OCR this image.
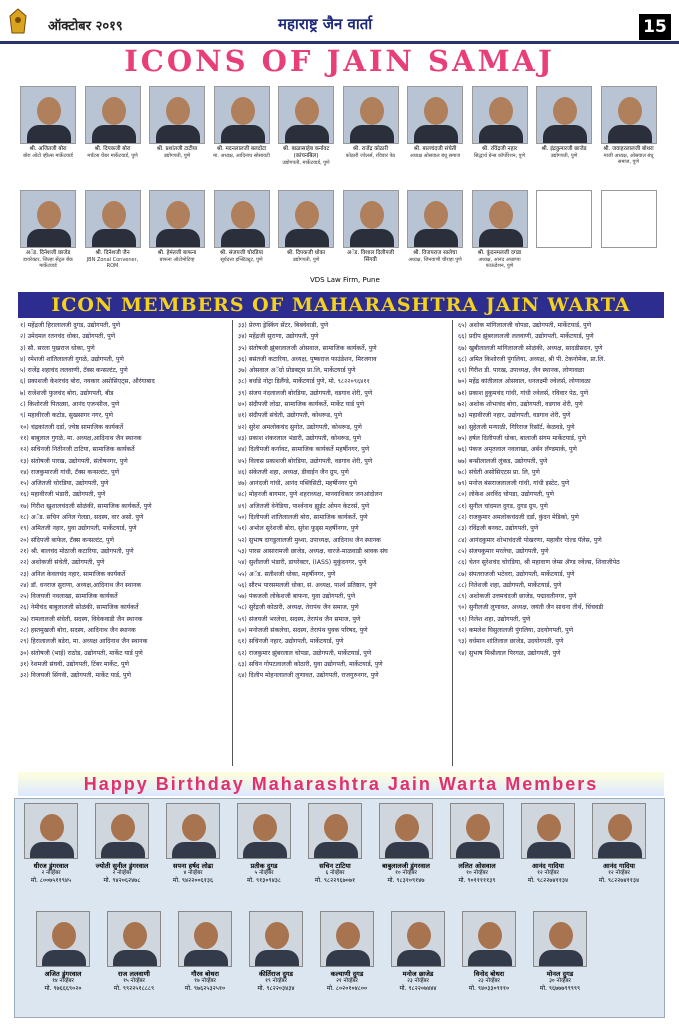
ऑक्टोबर २०१९	महाराष्ट्र जैन वार्ता	15
ICONS OF JAIN SAMAJ
श्री. अजितजी बोरा
बोरा ओटो व्हील्स मार्केटयार्ड
श्री. दिपकजी बोरा
मर्चंटस चेंबर मार्केटयार्ड, पुणे
श्री. प्रशांतजी टाटीया
उद्योगपती, पुणे
श्री. मदनलालजी बलदोटा
मा. अध्यक्ष, आदिनाथ सोसायटी
श्री. बाळासाहेब कर्नावट (कांचनबिल)
उद्योगपती, मार्केटयार्ड, पुणे
श्री. राजेंद्र कोठारी
कोठारी ज्वेलर्स, रविवार पेठ
श्री. बालचंदजी संचेती
अध्यक्ष ओसवाल बंधू समाज
श्री. रविंद्रजी नहार
सिद्धार्थ ग्रेन्स कॉर्पोरेशन, पुणे
श्री. इंद्रकुमारजी छाजेड
उद्योगपती, पुणे
श्री. जवाहरलालजी बोथरा
माजी अध्यक्ष, ओसवाल बंधू समाज, पुणे
अॅड. दिनेशजी छाजेड
डायरेक्टर, जिल्हा सेंट्रल बँक मार्केटयार्ड
श्री. दिनेशजी जैन
JBN Zonal Convener, ROM
श्री. हेमंतजी बाफना
बाफना ऑटोमोटिव्ह
श्री. संजयजी चोरडिया
सूर्यदत्ता इन्स्टिट्यूट, पुणे
श्री. दिपकजी धोका
उद्योगपती, पुणे
अॅड. विशाल दिलीपजी सिंगवी
श्री. विजयराज सालेचा
अध्यक्ष, जिनवाणी चौराहा पुणे
श्री. कुंदनमलजी दगडा
अध्यक्ष, आनंद अच्छप्पा फाऊंडेशन, पुणे
VDS Law Firm, Pune
ICON MEMBERS OF MAHARASHTRA JAIN WARTA
१) महेंद्रजी हिरालालजी दुगड, उद्योगपती, पुणे
२) उमेदमल रतनचंद धोका, उद्योगपती, पुणे
३) सौ. सरला पुखराज धोका, पुणे
४) रमेशजी शांतिलालजी गुगळे, उद्योगपती, पुणे
५) राजेंद्र शहाचंद ललवाणी, टॅक्स कन्सल्टंट, पुणे
६) प्रकाशजी केशरचंद बोरा, नवकार असोसिएट्स, औरंगाबाद
७) राजेशजी फुलचंद बोरा, उद्योगपती, बीड
८) किशोरजी पितळ्या, आनंद एजन्सीज, पुणे
९) महावीरजी कटोड, सुखसागर नगर, पुणे
१०) चंद्रकांतजी दर्डा, ज्येष्ठ सामाजिक कार्यकर्ते
११) बाबुलाल गुगळे, मा. अध्यक्ष,आदिनाथ जैन स्थानक
१२) सचिनजी नितीनजी टाटिया, सामाजिक कार्यकर्ते
१३) संतोषजी पारख, उद्योगपती, संतोषनगर, पुणे
१४) राजकुमारजी गांधी, टॅक्स कन्सल्टंट, पुणे
१५) अजितजी चोरडिया, उद्योगपती, पुणे
१६) महावीरजी भंडारी, उद्योगपती, पुणे
१७) गिरीश खुशालचंदजी सोळंकी, सामाजिक कार्यकर्ते, पुणे
१८) अॅड. सचिन अनिल गेलडा, सदस्य, वार असो. पुणे
१९) अमितजी नहार, युवा उद्योगपती, मार्केटयार्ड, पुणे
२०) संदिपजी बाफेल, टॅक्स कन्सल्टंट, पुणे
२१) श्री. बालचंद मोठाजी कटारिया, उद्योगपती, पुणे
२२) अशोकजी संचेती, उद्योगपती, पुणे
२३) अनिल केवलचंद नहार, सामाजिक कार्यकर्ते
२४) डॉ. धनराज सुराणा, अध्यक्ष,आदिनाथ जैन स्थानक
२५) विजयजी नवलाखा, सामाजिक कार्यकर्ते
२६) नेमीचंद बाबुलालजी सोळंकी, सामाजिक कार्यकर्ते
२७) रामलालजी संचेती, सदस्य, विवेकवाडी जैन स्थानक
२८) हस्तमुखजी बोरा, सदस्य, आदिनाथ जैन स्थानक
२९) हिरालालजी बडेरा, मा. अध्यक्ष आदिनाथ जैन स्थानक
३०) संतोषजी (भाई) राठोड, उद्योगपती, मार्केट यार्ड पुणे
३१) रेशमजी संघवी, उद्योगपती, टिंबर मार्केट, पुणे
३२) विजयजी सिंगवी, उद्योगपती, मार्केट यार्ड, पुणे
३३) प्रेरणा ड्रेस्किंग सेंटर, बिबवेवाडी, पुणे
३४) महेंद्रजी सुराणा, उद्योगपती, पुणे
३५) संतोषजी झुंबरलालजी ओसवाल, सामाजिक कार्यकर्ते, पुणे
३६) बसंतजी कटारिया, अध्यक्ष, पुष्कराज फाउंडेशन, मिरजगाव
३७) ओसवाल अॅग्रो प्रोडक्ट्स प्रा.लि, मार्केटयार्ड पुणे
३८) बर्धाडे नोट्रा डिलैंग्डे, मार्केटयार्ड पुणे, मो. ९८२२०९६४११
३९) संजय नंदलालजी बोरडिया, उद्योगपती, वडगाव शेरी, पुणे
४०) संदीपजी लोढा, सामाजिक कार्यकर्ते, मार्केट यार्ड पुणे
४१) संदीपजी संचेती, उद्योगपती, कोथरूड, पुणे
४२) सुरेश अमलोकचंद सुनोत, उद्योगपती, कोथरूड, पुणे
४३) प्रकाश शंकरलाल भंडारी, उद्योगपती, कोथरूड, पुणे
४४) दिलीपजी कर्नावट, सामाजिक कार्यकर्ते महर्षीनगर, पुणे
४५) विलास प्रकाशजी बोरडिया, उद्योगपती, वडगाव शेरी, पुणे
४६) संकेतजी शहा, अध्यक्ष, डीवाईन जैन ग्रुप, पुणे
४७) आनंदजी गांधी, आनंद पब्लिसिटी, महर्षीनगर पुणे
४८) मोहनजी बागमार, पुणे शहराध्यक्ष, मानवाधिकार जनआंदोलन
४९) अजितजी वेनेडिया, पार्श्वनाथ ह्युईट ओपन केटरर्स, पुणे
५०) दिलीपजी शांतिलालजी बोरा, सामाजिक कार्यकर्ते, पुणे
५१) अभोल सुरेशजी बोरा, सुरेश फूड्स महर्षीनगर, पुणे
५२) सुभाष दागडुलालजी मुथ्था, उपाध्यक्ष, आदिनाथ जैन स्थानक
५३) पारस आसारामजी छाजेड, अध्यक्ष, वारजे-माळवाडी श्रावक संघ
५४) सुशीलजी भंडारी, डायरेक्टर, (IASS) मुकुंदनगर, पुणे
५५) अॅड. सतीशजी धोका, महर्षीनगर, पुणे
५६) सौरभ पारसमलजी धोका, सं. अध्यक्ष, पार्श्व प्रतिष्ठान, पुणे
५७) पंकजजी लोकेशजी बाफना, युवा उद्योगपती, पुणे
५८) सुरेंद्रजी कोठारी, अध्यक्ष, तेरापंथ जैन समाज, पुणे
५९) संजयजी भरलेचा, सदस्य, तेरापंथ जैन समाज, पुणे
६०) मनोजजी संकलेचा, सदस्य, तेरापंथ युवक परिषद, पुणे
६१) सचिनजी नहार, उद्योगपती, मार्केटयार्ड, पुणे
६२) राजकुमार झुंबरलाल चोपडा, उद्योगपती, मार्केटयार्ड, पुणे
६३) सचिन गोपटलालजी कोठारी, युवा उद्योगपती, मार्केटयार्ड, पुणे
६४) दिलीप मोहनलालजी लुणावत, उद्योगपती, राजगुरुनगर, पुणे
६५) अशोक मांगिलालजी चोपडा, उद्योगपती, मार्केटयार्ड, पुणे
६६) प्रदीप झुंबरलालजी ललवाणी, उद्योगपती, मार्केटयार्ड, पुणे
६७) खुबीलालजी मांगिलालजी सोळंकी, अध्यक्ष, सादडीसदन, पुणे
६८) अमित किशोरजी पुंगलिया, अध्यक्ष, श्री पी. टेकनोमेक, प्रा.लि.
६९) गिरीश डी. पारख, उपाध्यक्ष, जैन स्थानक, लोणावळा
७०) महेंद्र कांतीलाल ओसवाल, धनलक्ष्मी ज्वेलर्स, लोणावळा
७१) प्रकाश हुकुमचंद गांधी, गांधी ज्वेलर्स, रविवार पेठ, पुणे
७२) अशोक शोभाचंद बोरा, उद्योगपती, वडगाव शेरी, पुणे
७३) महावीरजी नहार, उद्योगपती, वडगाव शेरी, पुणे
७४) सुहेलजी मन्याळी, गिरिराज रिसॉर्ट, केळवडे, पुणे
७५) हर्षल दिलीपजी धोका, बालाजी संगम मार्केटयार्ड, पुणे
७६) पंकज अमृतलाल नवलाखा, अर्बन लॅण्डमार्क, पुणे
७७) बन्सीलालजी लुंकड, उद्योगपती, पुणे
७८) संचेती असोसिएटस प्रा. लि, पुणे
७९) मनोज बंसराजलालजी गांधी, गांधी इस्टेट, पुणे
८०) लोकेश अरविंद चोपडा, उद्योगपती, पुणे
८१) सुनील चांदमल दुगड, दुगड ग्रुप, पुणे
८२) राजकुमार अमलोकचंदजी दर्डा, कुंदन मेडिको, पुणे
८३) रविंद्रजी बनवट, उद्योगपती, पुणे
८४) आनंदकुमार शोभाचंदजी पोखरणा, महावीर गोल्ड पॅलेस, पुणे
८५) संजयकुमार मरलेचा, उद्योगपती, पुणे
८६) चेतन सुरेशचंद चोरडिया, श्री महावाण जेम्स ॲण्ड ज्वेल्स, शिवाजीपेठ
८७) संपतराजजी भटेवरा, उद्योगपती, मार्केटयार्ड, पुणे
८८) नितेशजी शहा, उद्योगपती, मार्केटयार्ड, पुणे
८९) अशोकजी उत्तमचंदजी छाजेड, पद्मावतीनगर, पुणे
९०) सुनीलजी लुणावत, अध्यक्ष, जयंती जैन साधना तीर्थ, चिंचवडी
९१) निलेश शहा, उद्योगपती, पुणे
९२) कमलेश घिसुलालजी पुंगलिया, उदयोगपती, पुणे
९३) वर्धमान शांतिलाल छाजेड, उदयोगपती, पुणे
९४) सुभाष मिश्रीलाल पिरगळ, उद्योगपती, पुणे
Happy Birthday Maharashtra Jain Warta Members
धीरज डुंगरवाल
२ नोव्हेंबर
मो. ८००७५११९४५
ज्योती सुनील डुंगरवाल
२ नोव्हेंबर
मो. ९४२०६२४७८
सपना हर्षद लोढा
४ नोव्हेंबर
मो. ९४२२००६१३६
प्रतीक दुगड
५ नोव्हेंबर
मो. ९१३०९४३८
सचिन टाटिया
६ नोव्हेंबर
मो. ९८२२९६७०७१
बाबुलालजी डुंगरवाल
१० नोव्हेंबर
मो. ९८३१०९१४७
ललित ओसवाल
१० नोव्हेंबर
मो. ९०१११११३९
आनंद गादिया
१२ नोव्हेंबर
मो. ९८२२७४११३४
आनंद गादिया
१२ नोव्हेंबर
मो. ९८२२७४११३४
अजित डुंगरवाल
१४ नोव्हेंबर
मो. ९७६६६९०२०
राज ललवाणी
१५ नोव्हेंबर
मो. ९९२२५१८८८९
गौरव बोथरा
१७ नोव्हेंबर
मो. ९७६२५३२५१०
कीर्तिराज दुगड
१९ नोव्हेंबर
मो. ९८२२०३४३४
कल्याणी दुगड
२१ नोव्हेंबर
मो. ८०२०१०४८००
मनोज छाजेड
२३ नोव्हेंबर
मो. ९८२२०७४४४
विनोद बोथरा
२३ नोव्हेंबर
मो. ९४०३३०९११०
मोनल दुगड
३० नोव्हेंबर
मो. ९६७७७९९९९९
